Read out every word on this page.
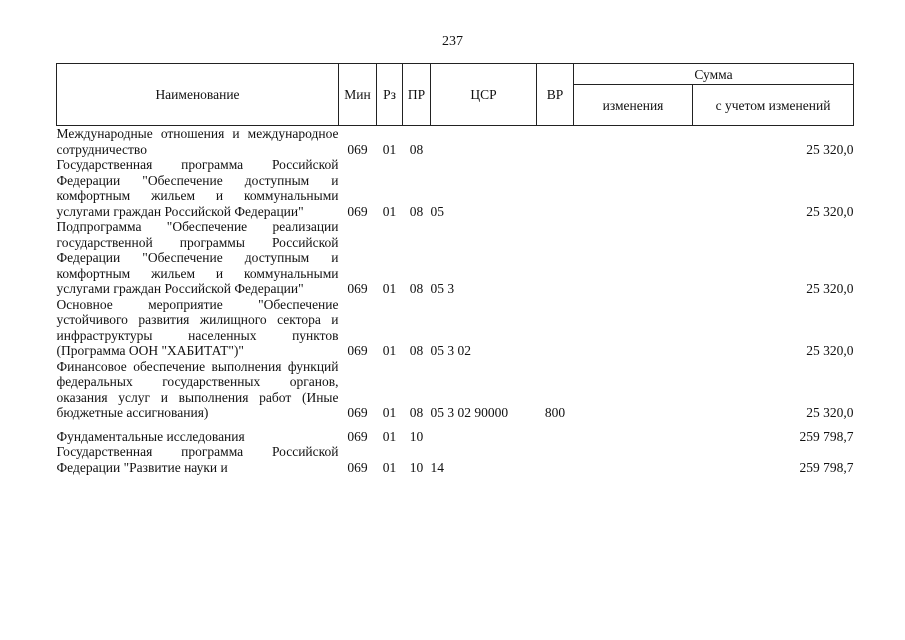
237
Наименование	Мин	Рз	ПР	ЦСР	ВР	Сумма	
						изменения	с учетом изменений
Международные отношения и международное сотрудничество	069	01	08				25 320,0
Государственная программа Российской Федерации "Обеспечение доступным и комфортным жильем и коммунальными услугами граждан Российской Федерации"	069	01	08	05			25 320,0
Подпрограмма "Обеспечение реализации государственной программы Российской Федерации "Обеспечение доступным и комфортным жильем и коммунальными услугами граждан Российской Федерации"	069	01	08	05 3			25 320,0
Основное мероприятие "Обеспечение устойчивого развития жилищного сектора и инфраструктуры населенных пунктов (Программа ООН "ХАБИТАТ")"	069	01	08	05 3 02			25 320,0
Финансовое обеспечение выполнения функций федеральных государственных органов, оказания услуг и выполнения работ (Иные бюджетные ассигнования)	069	01	08	05 3 02 90000	800		25 320,0
Фундаментальные исследования	069	01	10				259 798,7
Государственная программа Российской Федерации "Развитие науки и	069	01	10	14			259 798,7
